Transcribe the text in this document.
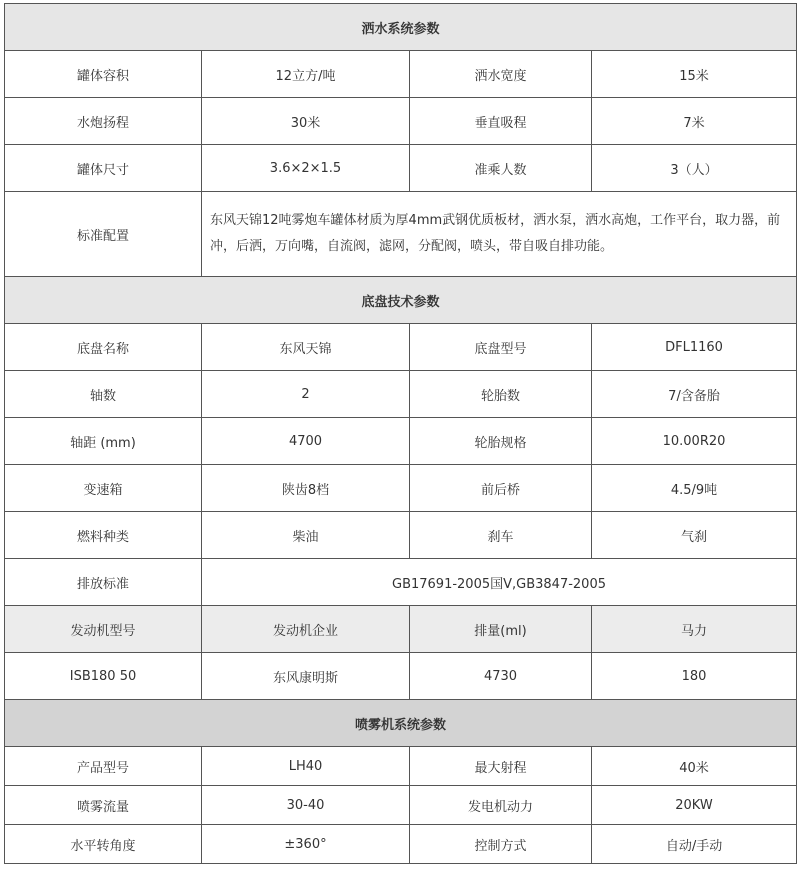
洒水系统参数			
罐体容积	12立方/吨	洒水宽度	15米
水炮扬程	30米	垂直吸程	7米
罐体尺寸	3.6×2×1.5	准乘人数	3（人）
标准配置	东风天锦12吨雾炮车罐体材质为厚4mm武钢优质板材，洒水泵，洒水高炮，工作平台，取力器，前冲，后洒，万向嘴，自流阀，滤网，分配阀，喷头，带自吸自排功能。		
底盘技术参数			
底盘名称	东风天锦	底盘型号	DFL1160
轴数	2	轮胎数	7/含备胎
轴距 (mm)	4700	轮胎规格	10.00R20
变速箱	陕齿8档	前后桥	4.5/9吨
燃料种类	柴油	刹车	气刹
排放标准	GB17691-2005国Ⅴ,GB3847-2005		
发动机型号	发动机企业	排量(ml)	马力
ISB180 50	东风康明斯	4730	180
喷雾机系统参数			
产品型号	LH40	最大射程	40米
喷雾流量	30-40	发电机动力	20KW
水平转角度	±360°	控制方式	自动/手动
